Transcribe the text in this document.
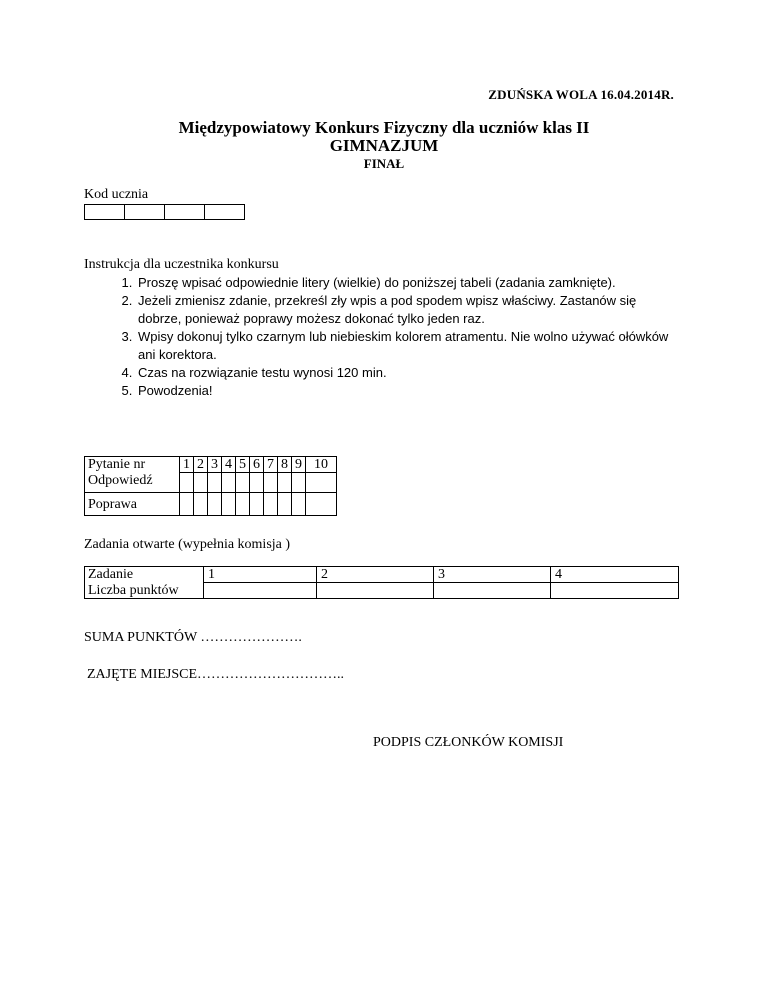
ZDUŃSKA WOLA 16.04.2014R.
Międzypowiatowy Konkurs Fizyczny dla uczniów klas II
GIMNAZJUM
FINAŁ
Kod ucznia

Instrukcja dla uczestnika konkursu
1. Proszę wpisać odpowiednie litery (wielkie) do poniższej tabeli (zadania zamknięte).
2. Jeżeli zmienisz zdanie, przekreśl zły wpis a pod spodem wpisz właściwy. Zastanów się dobrze, ponieważ poprawy możesz dokonać tylko jeden raz.
3. Wpisy dokonuj tylko czarnym lub niebieskim kolorem atramentu. Nie wolno używać ołówków ani korektora.
4. Czas na rozwiązanie testu wynosi 120 min.
5. Powodzenia!
Pytanie nr	1	2	3	4	5	6	7	8	9	10
Odpowiedź										
Poprawa										
Zadania otwarte (wypełnia komisja )
Zadanie	1	2	3	4
Liczba punktów				
SUMA PUNKTÓW ………………….
ZAJĘTE MIEJSCE…………………………..
PODPIS CZŁONKÓW KOMISJI
